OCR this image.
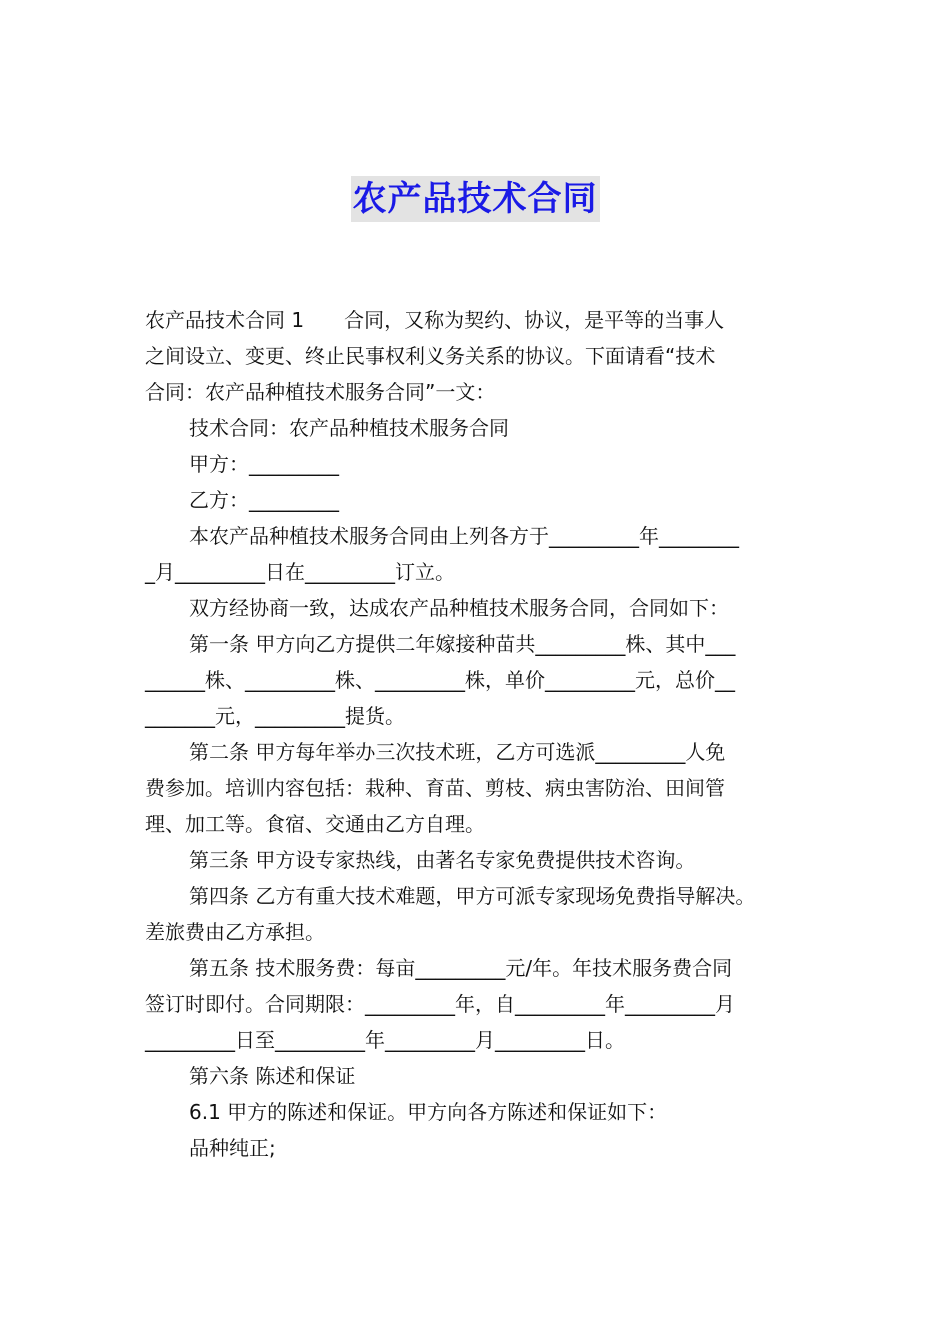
农产品技术合同
农产品技术合同 1　　合同，又称为契约、协议，是平等的当事人
之间设立、变更、终止民事权利义务关系的协议。下面请看“技术
合同：农产品种植技术服务合同”一文：
技术合同：农产品种植技术服务合同
甲方：_________
乙方：_________
本农产品种植技术服务合同由上列各方于_________年________
_月_________日在_________订立。
双方经协商一致，达成农产品种植技术服务合同，合同如下：
第一条 甲方向乙方提供二年嫁接种苗共_________株、其中___
______株、_________株、_________株，单价_________元，总价__
_______元，_________提货。
第二条 甲方每年举办三次技术班，乙方可选派_________人免
费参加。培训内容包括：栽种、育苗、剪枝、病虫害防治、田间管
理、加工等。食宿、交通由乙方自理。
第三条 甲方设专家热线，由著名专家免费提供技术咨询。
第四条 乙方有重大技术难题，甲方可派专家现场免费指导解决。
差旅费由乙方承担。
第五条 技术服务费：每亩_________元/年。年技术服务费合同
签订时即付。合同期限：_________年，自_________年_________月
_________日至_________年_________月_________日。
第六条 陈述和保证
6.1 甲方的陈述和保证。甲方向各方陈述和保证如下：
品种纯正;
